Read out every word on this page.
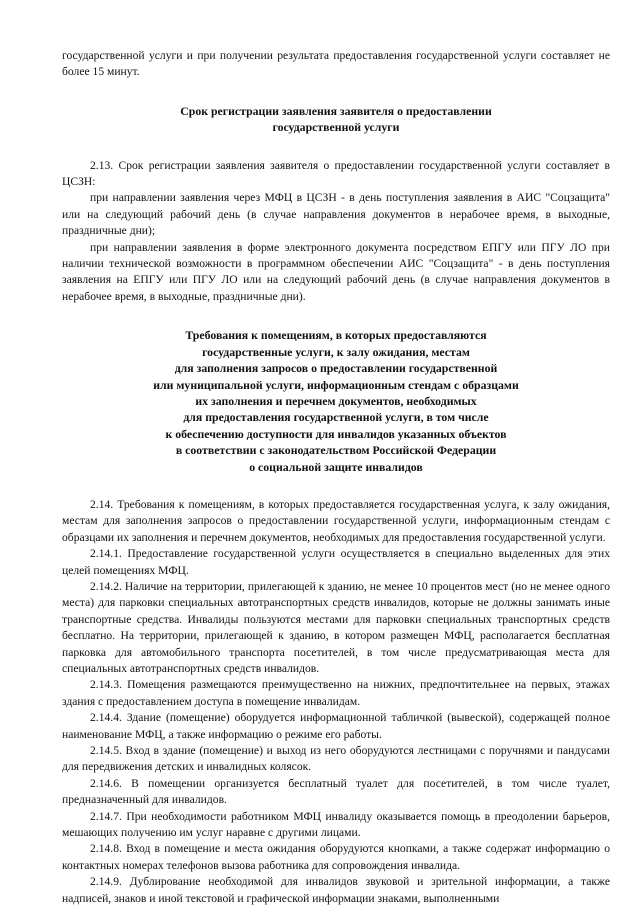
государственной услуги и при получении результата предоставления государственной услуги составляет не более 15 минут.

Срок регистрации заявления заявителя о предоставлении

государственной услуги

2.13. Срок регистрации заявления заявителя о предоставлении государственной услуги составляет в ЦСЗН:

при направлении заявления через МФЦ в ЦСЗН - в день поступления заявления в АИС "Соцзащита" или на следующий рабочий день (в случае направления документов в нерабочее время, в выходные, праздничные дни);

при направлении заявления в форме электронного документа посредством ЕПГУ или ПГУ ЛО при наличии технической возможности в программном обеспечении АИС "Соцзащита" - в день поступления заявления на ЕПГУ или ПГУ ЛО или на следующий рабочий день (в случае направления документов в нерабочее время, в выходные, праздничные дни).

Требования к помещениям, в которых предоставляются

государственные услуги, к залу ожидания, местам

для заполнения запросов о предоставлении государственной

или муниципальной услуги, информационным стендам с образцами

их заполнения и перечнем документов, необходимых

для предоставления государственной услуги, в том числе

к обеспечению доступности для инвалидов указанных объектов

в соответствии с законодательством Российской Федерации

о социальной защите инвалидов

2.14. Требования к помещениям, в которых предоставляется государственная услуга, к залу ожидания, местам для заполнения запросов о предоставлении государственной услуги, информационным стендам с образцами их заполнения и перечнем документов, необходимых для предоставления государственной услуги.

2.14.1. Предоставление государственной услуги осуществляется в специально выделенных для этих целей помещениях МФЦ.

2.14.2. Наличие на территории, прилегающей к зданию, не менее 10 процентов мест (но не менее одного места) для парковки специальных автотранспортных средств инвалидов, которые не должны занимать иные транспортные средства. Инвалиды пользуются местами для парковки специальных транспортных средств бесплатно. На территории, прилегающей к зданию, в котором размещен МФЦ, располагается бесплатная парковка для автомобильного транспорта посетителей, в том числе предусматривающая места для специальных автотранспортных средств инвалидов.

2.14.3. Помещения размещаются преимущественно на нижних, предпочтительнее на первых, этажах здания с предоставлением доступа в помещение инвалидам.

2.14.4. Здание (помещение) оборудуется информационной табличкой (вывеской), содержащей полное наименование МФЦ, а также информацию о режиме его работы.

2.14.5. Вход в здание (помещение) и выход из него оборудуются лестницами с поручнями и пандусами для передвижения детских и инвалидных колясок.

2.14.6. В помещении организуется бесплатный туалет для посетителей, в том числе туалет, предназначенный для инвалидов.

2.14.7. При необходимости работником МФЦ инвалиду оказывается помощь в преодолении барьеров, мешающих получению им услуг наравне с другими лицами.

2.14.8. Вход в помещение и места ожидания оборудуются кнопками, а также содержат информацию о контактных номерах телефонов вызова работника для сопровождения инвалида.

2.14.9. Дублирование необходимой для инвалидов звуковой и зрительной информации, а также надписей, знаков и иной текстовой и графической информации знаками, выполненными
